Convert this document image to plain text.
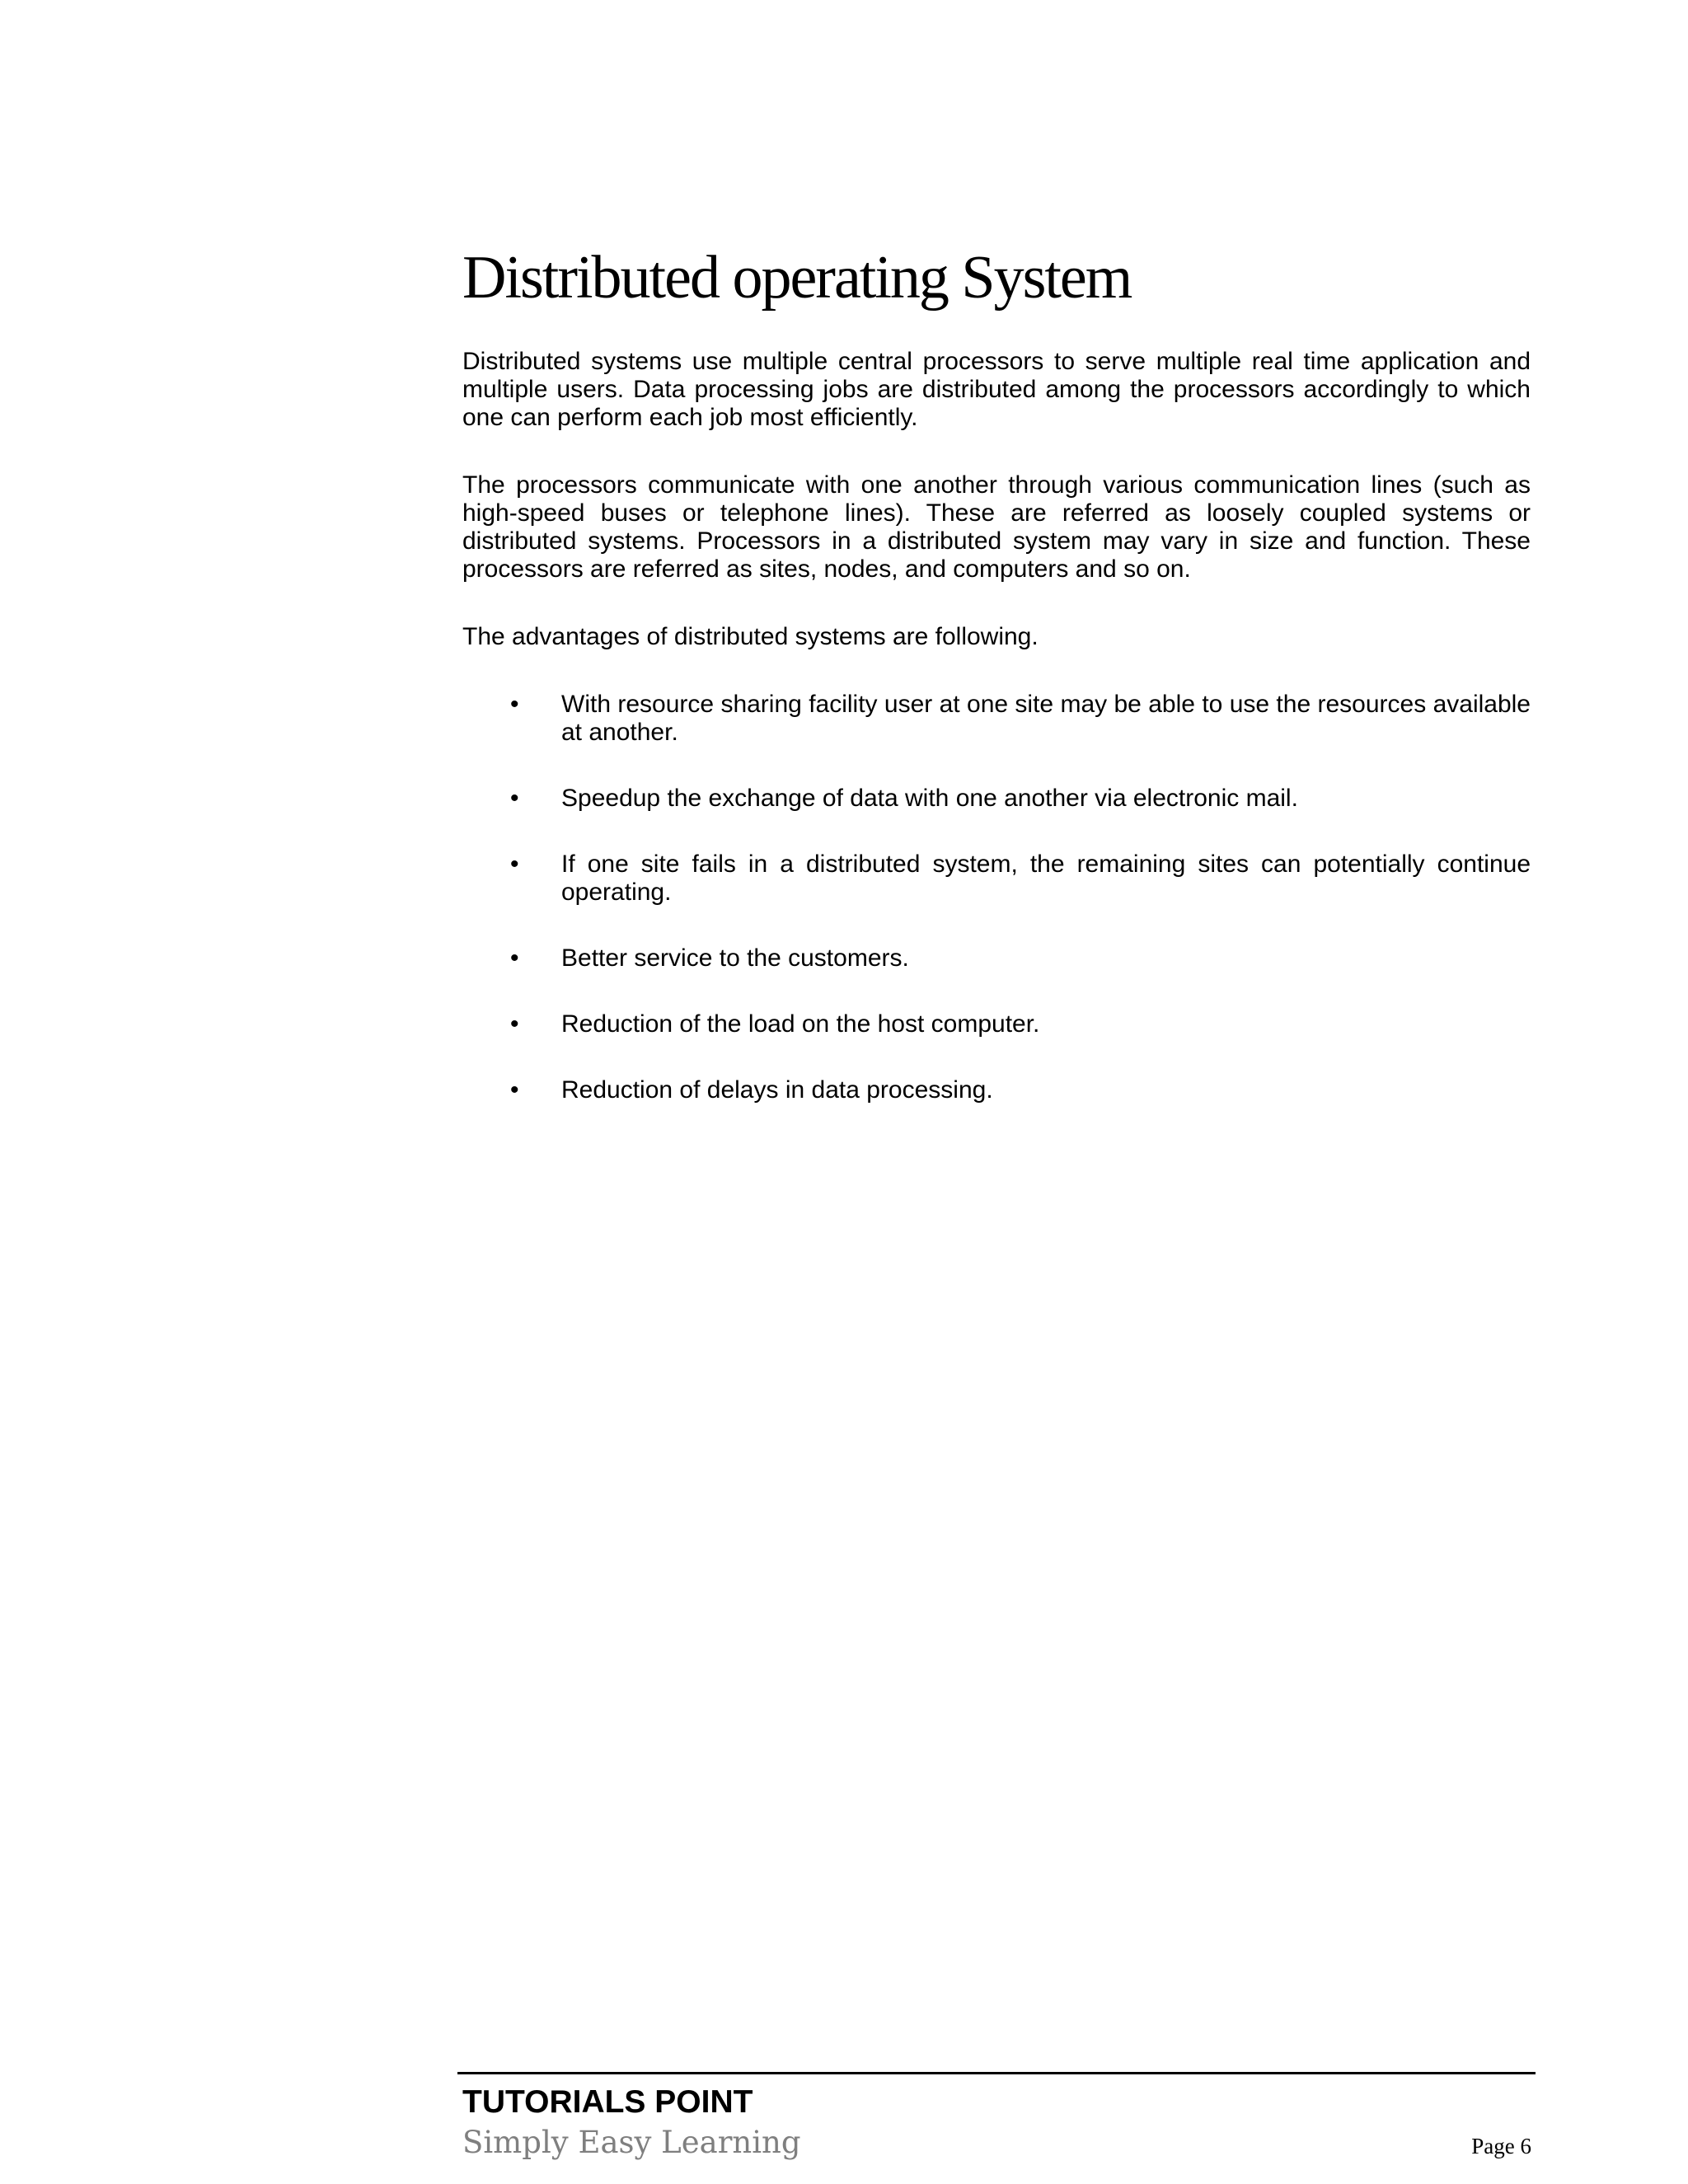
Distributed operating System

Distributed systems use multiple central processors to serve multiple real time application and multiple users. Data processing jobs are distributed among the processors accordingly to which one can perform each job most efficiently.

The processors communicate with one another through various communication lines (such as high-speed buses or telephone lines). These are referred as loosely coupled systems or distributed systems. Processors in a distributed system may vary in size and function. These processors are referred as sites, nodes, and computers and so on.

The advantages of distributed systems are following.

• With resource sharing facility user at one site may be able to use the resources available at another.
• Speedup the exchange of data with one another via electronic mail.
• If one site fails in a distributed system, the remaining sites can potentially continue operating.
• Better service to the customers.
• Reduction of the load on the host computer.
• Reduction of delays in data processing.
TUTORIALS POINT
Simply Easy Learning	Page 6
